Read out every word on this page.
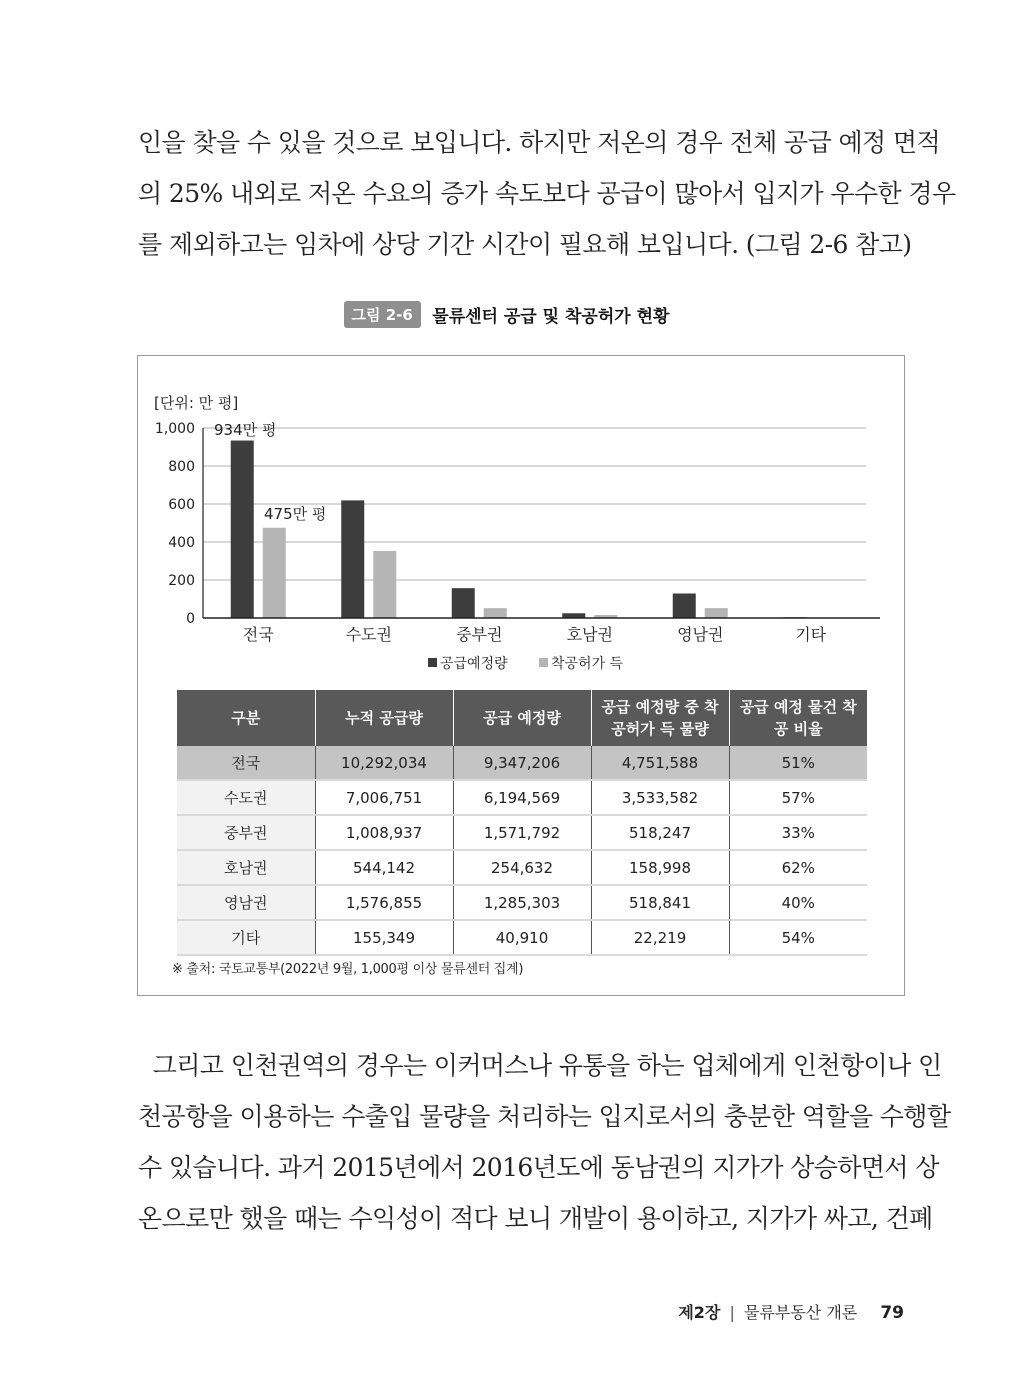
인을 찾을 수 있을 것으로 보입니다. 하지만 저온의 경우 전체 공급 예정 면적
의 25% 내외로 저온 수요의 증가 속도보다 공급이 많아서 입지가 우수한 경우
를 제외하고는 임차에 상당 기간 시간이 필요해 보입니다. (그림 2-6 참고)
그림 2-6 물류센터 공급 및 착공허가 현황
[단위: 만 평]
0
200
400
600
800
1,000
전국	수도권	중부권	호남권	영남권	기타
934만 평
475만 평
공급예정량	착공허가 득
구분	누적 공급량	공급 예정량	공급 예정량 중 착공허가 득 물량	공급 예정 물건 착공 비율
전국	10,292,034	9,347,206	4,751,588	51%
수도권	7,006,751	6,194,569	3,533,582	57%
중부권	1,008,937	1,571,792	518,247	33%
호남권	544,142	254,632	158,998	62%
영남권	1,576,855	1,285,303	518,841	40%
기타	155,349	40,910	22,219	54%
※ 출처: 국토교통부(2022년 9월, 1,000평 이상 물류센터 집계)
그리고 인천권역의 경우는 이커머스나 유통을 하는 업체에게 인천항이나 인
천공항을 이용하는 수출입 물량을 처리하는 입지로서의 충분한 역할을 수행할
수 있습니다. 과거 2015년에서 2016년도에 동남권의 지가가 상승하면서 상
온으로만 했을 때는 수익성이 적다 보니 개발이 용이하고, 지가가 싸고, 건폐
제2장 | 물류부동산 개론 79
